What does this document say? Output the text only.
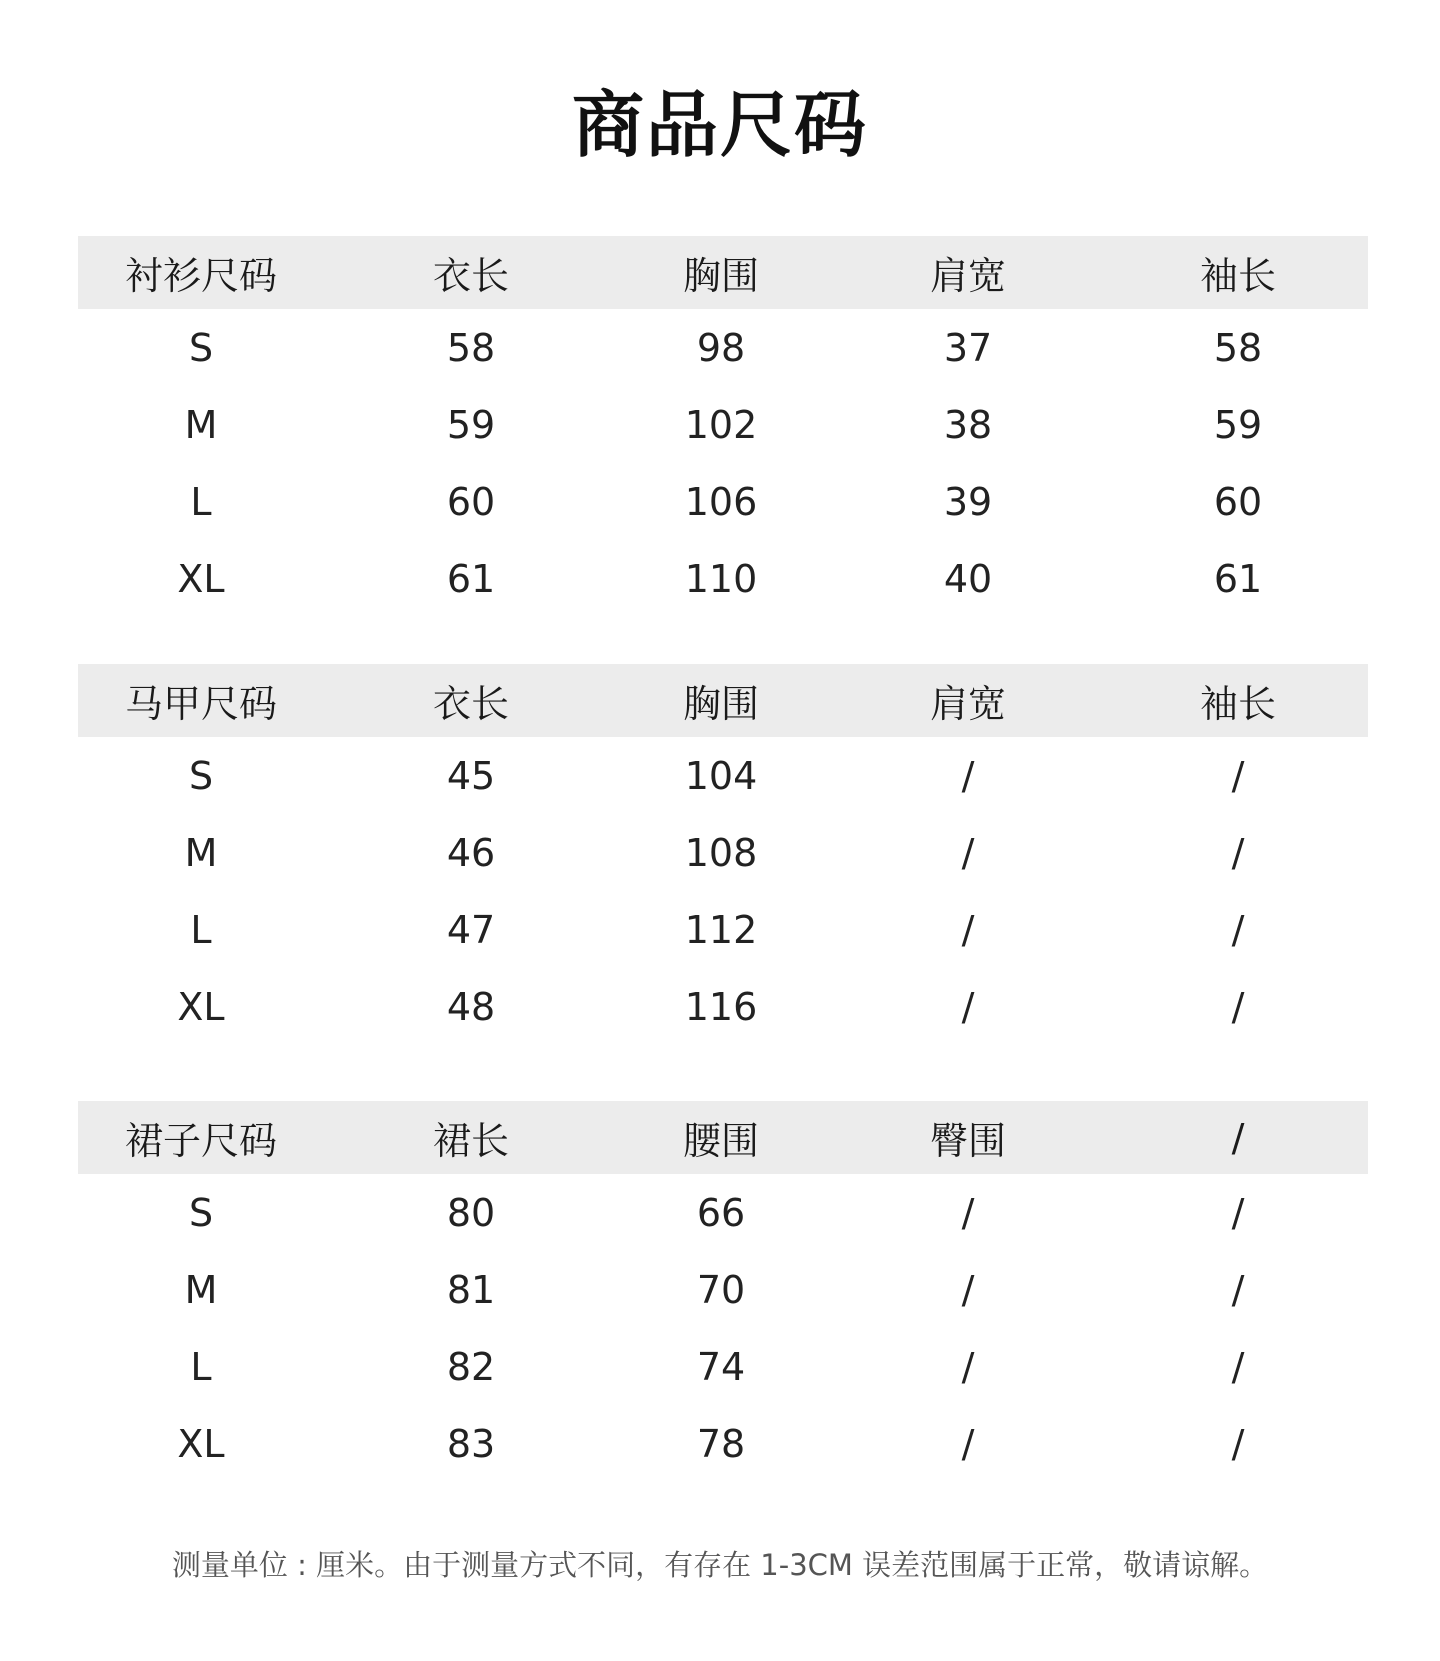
商品尺码
衬衫尺码	衣长	胸围	肩宽	袖长
S	58	98	37	58
M	59	102	38	59
L	60	106	39	60
XL	61	110	40	61
马甲尺码	衣长	胸围	肩宽	袖长
S	45	104	/	/
M	46	108	/	/
L	47	112	/	/
XL	48	116	/	/
裙子尺码	裙长	腰围	臀围	/
S	80	66	/	/
M	81	70	/	/
L	82	74	/	/
XL	83	78	/	/
测量单位 : 厘米。由于测量方式不同，有存在 1-3CM 误差范围属于正常，敬请谅解。
